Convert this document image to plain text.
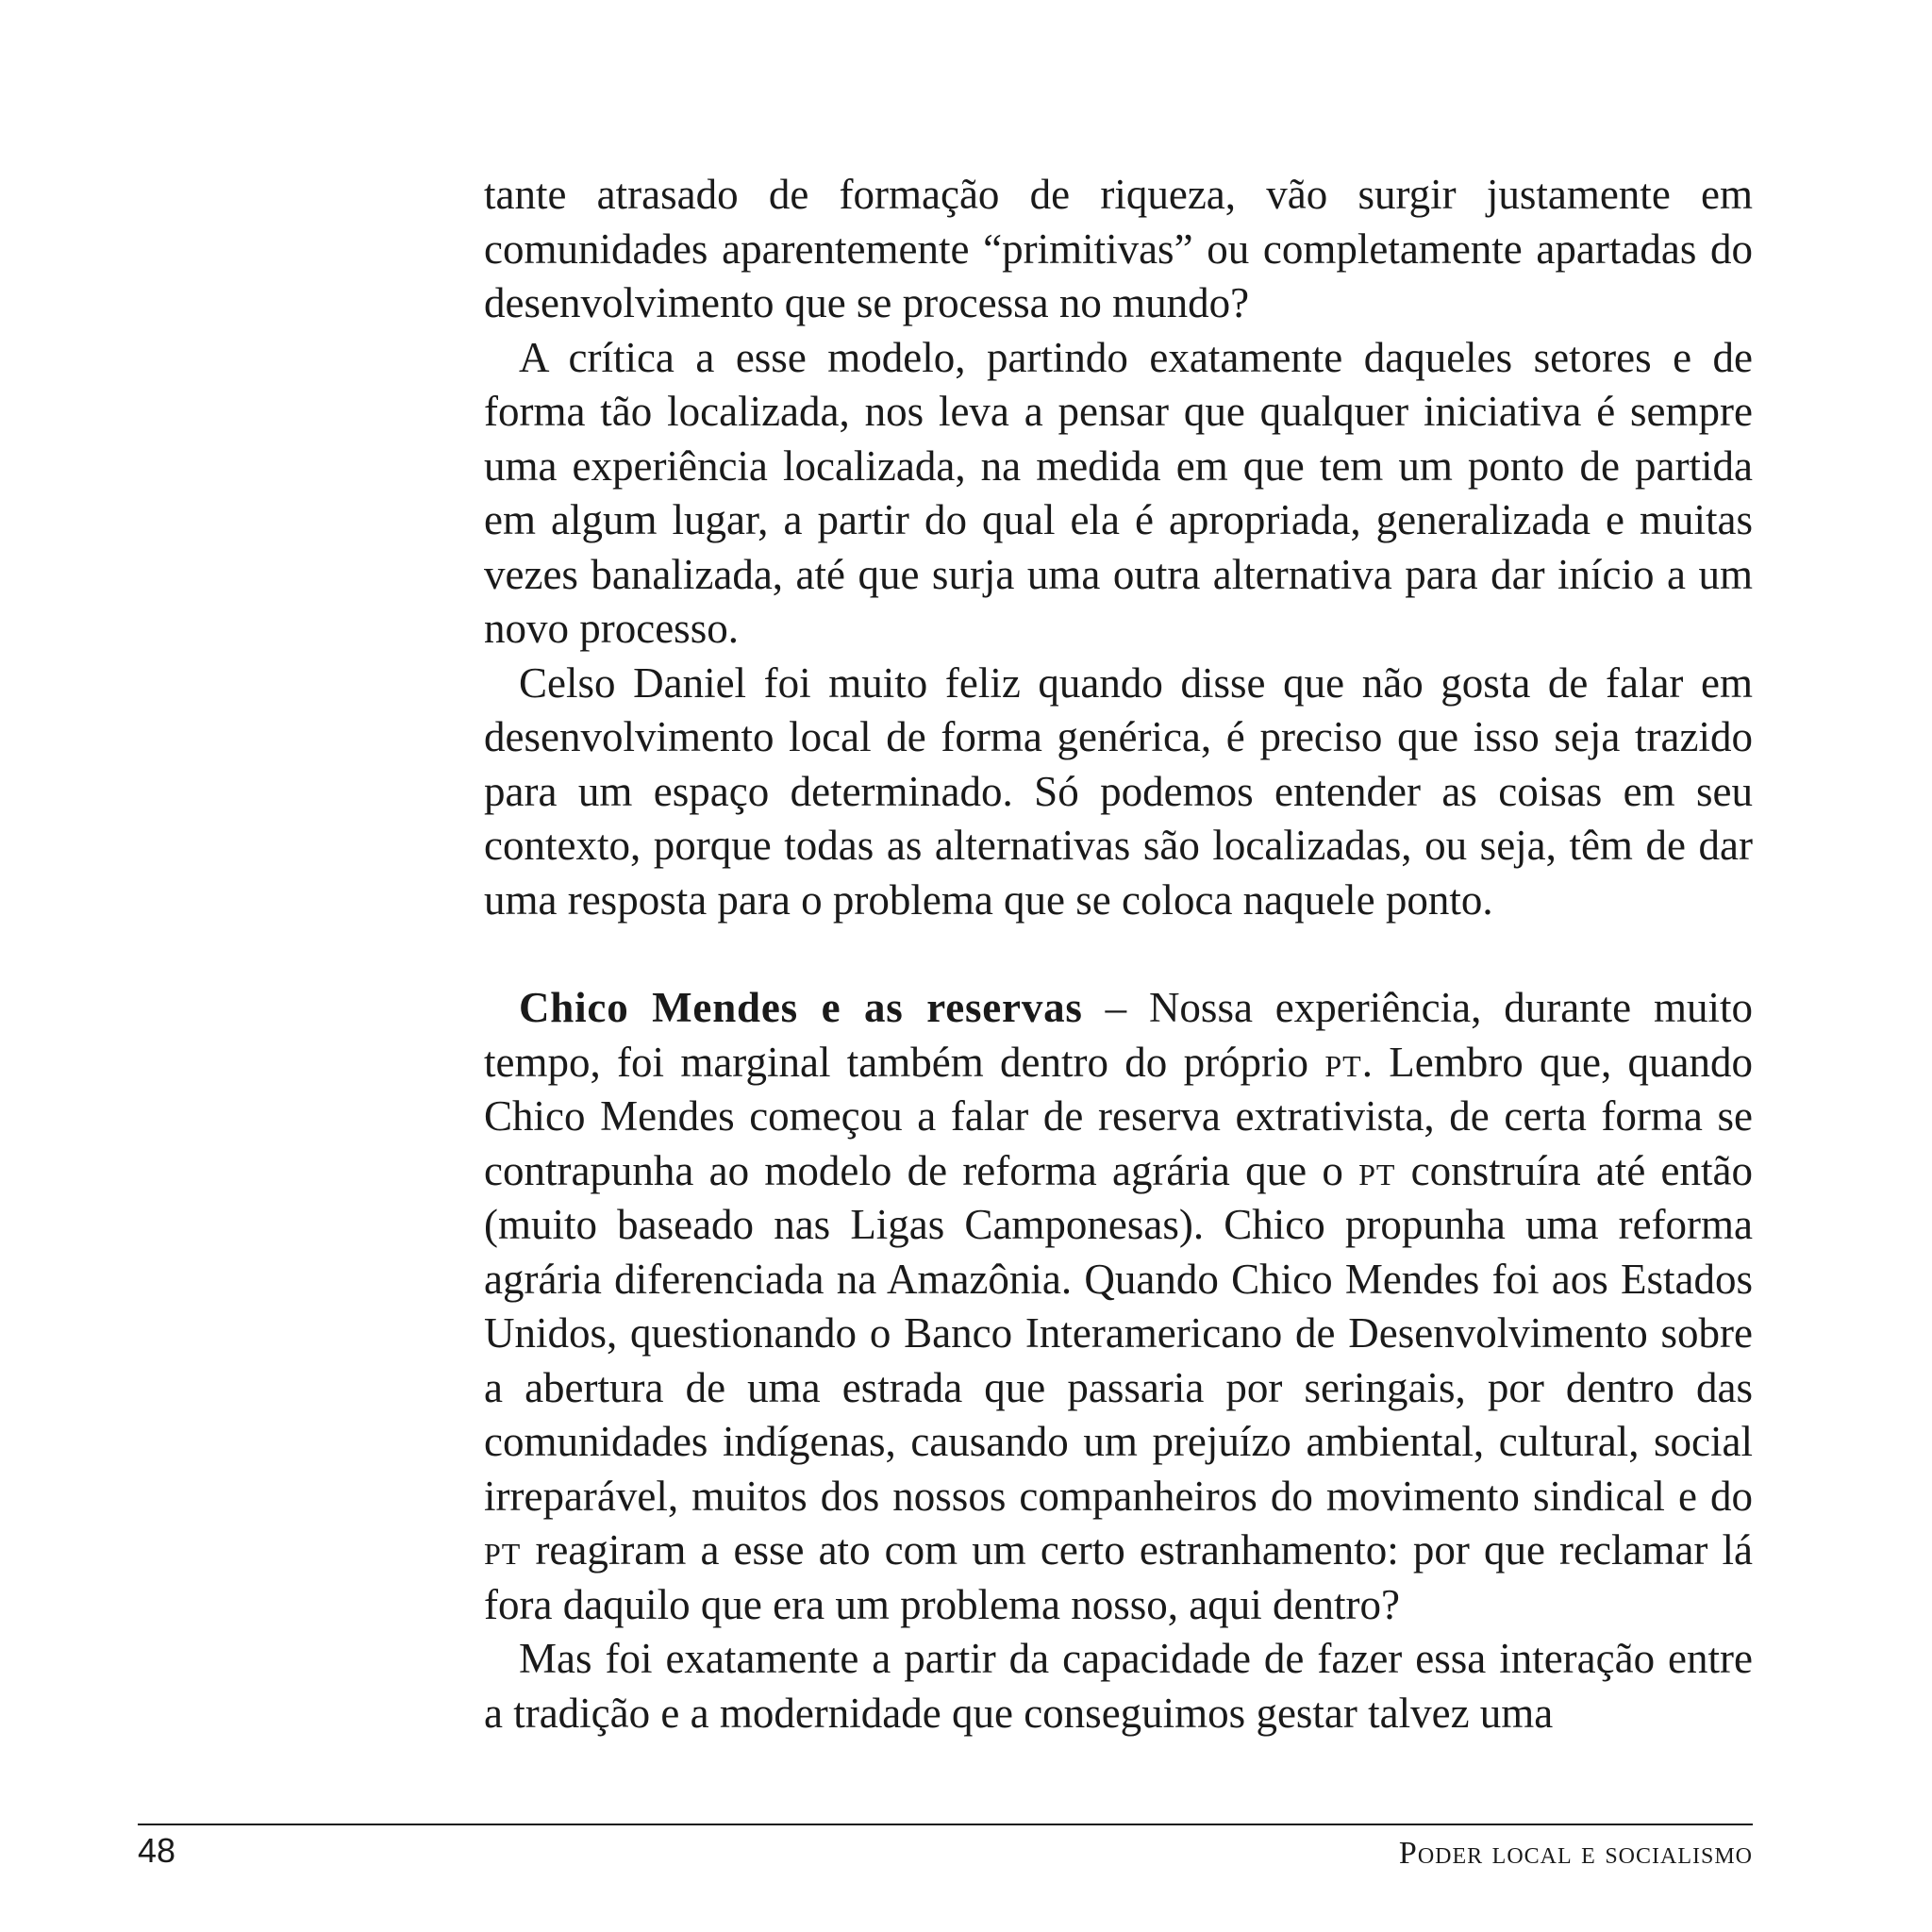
tante atrasado de formação de riqueza, vão surgir justamente em comunidades aparentemente “primitivas” ou completamente apartadas do desenvolvimento que se processa no mundo?

A crítica a esse modelo, partindo exatamente daqueles setores e de forma tão localizada, nos leva a pensar que qualquer iniciativa é sempre uma experiência localizada, na medida em que tem um ponto de partida em algum lugar, a partir do qual ela é apropriada, generalizada e muitas vezes banalizada, até que surja uma outra alternativa para dar início a um novo processo.

Celso Daniel foi muito feliz quando disse que não gosta de falar em desenvolvimento local de forma genérica, é preciso que isso seja trazido para um espaço determinado. Só podemos entender as coisas em seu contexto, porque todas as alternativas são localizadas, ou seja, têm de dar uma resposta para o problema que se coloca naquele ponto.

Chico Mendes e as reservas – Nossa experiência, durante muito tempo, foi marginal também dentro do próprio pt. Lembro que, quando Chico Mendes começou a falar de reserva extrativista, de certa forma se contrapunha ao modelo de reforma agrária que o pt construíra até então (muito baseado nas Ligas Camponesas). Chico propunha uma reforma agrária diferenciada na Amazônia. Quando Chico Mendes foi aos Estados Unidos, questionando o Banco Interamericano de Desenvolvimento sobre a abertura de uma estrada que passaria por seringais, por dentro das comunidades indígenas, causando um prejuízo ambiental, cultural, social irreparável, muitos dos nossos companheiros do movimento sindical e do pt reagiram a esse ato com um certo estranhamento: por que reclamar lá fora daquilo que era um problema nosso, aqui dentro?

Mas foi exatamente a partir da capacidade de fazer essa interação entre a tradição e a modernidade que conseguimos gestar talvez uma

48	Poder local e socialismo
